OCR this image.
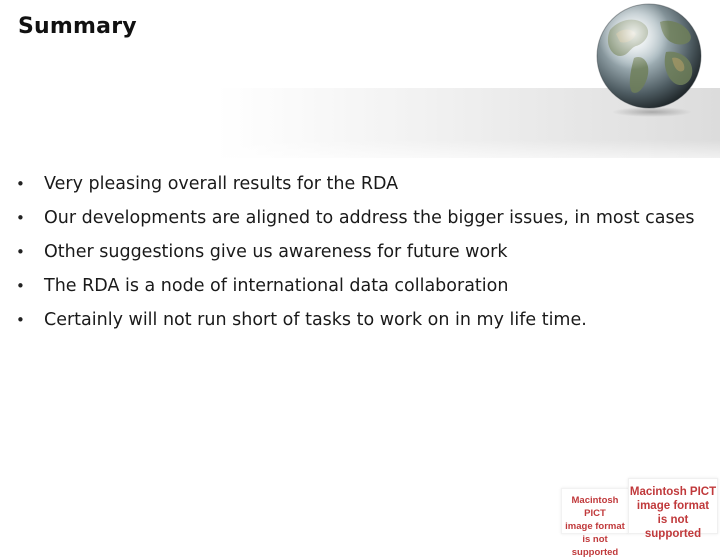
Summary
•	Very pleasing overall results for the RDA
•	Our developments are aligned to address the bigger issues, in most cases
•	Other suggestions give us awareness for future work
•	The RDA is a node of international data collaboration
•	Certainly will not run short of tasks to work on in my life time.
Macintosh PICT
image format
is not supported
Macintosh PICT
image format
is not supported
